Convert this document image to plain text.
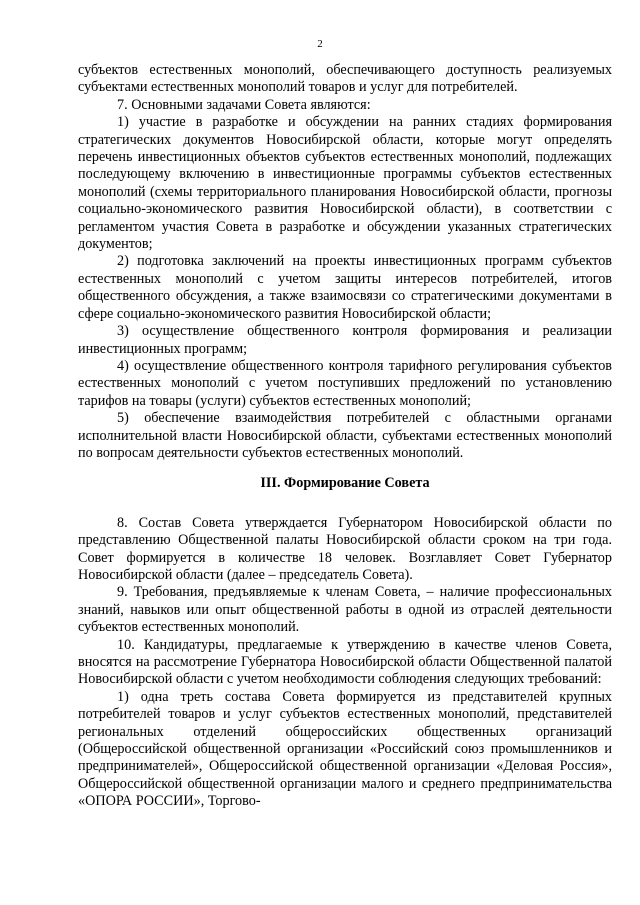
2

субъектов естественных монополий, обеспечивающего доступность реализуемых субъектами естественных монополий товаров и услуг для потребителей.

7. Основными задачами Совета являются:

1) участие в разработке и обсуждении на ранних стадиях формирования стратегических документов Новосибирской области, которые могут определять перечень инвестиционных объектов субъектов естественных монополий, подлежащих последующему включению в инвестиционные программы субъектов естественных монополий (схемы территориального планирования Новосибирской области, прогнозы социально-экономического развития Новосибирской области), в соответствии с регламентом участия Совета в разработке и обсуждении указанных стратегических документов;

2) подготовка заключений на проекты инвестиционных программ субъектов естественных монополий с учетом защиты интересов потребителей, итогов общественного обсуждения, а также взаимосвязи со стратегическими документами в сфере социально-экономического развития Новосибирской области;

3) осуществление общественного контроля формирования и реализации инвестиционных программ;

4) осуществление общественного контроля тарифного регулирования субъектов естественных монополий с учетом поступивших предложений по установлению тарифов на товары (услуги) субъектов естественных монополий;

5) обеспечение взаимодействия потребителей с областными органами исполнительной власти Новосибирской области, субъектами естественных монополий по вопросам деятельности субъектов естественных монополий.

III. Формирование Совета

8. Состав Совета утверждается Губернатором Новосибирской области по представлению Общественной палаты Новосибирской области сроком на три года. Совет формируется в количестве 18 человек. Возглавляет Совет Губернатор Новосибирской области (далее – председатель Совета).

9. Требования, предъявляемые к членам Совета, – наличие профессиональных знаний, навыков или опыт общественной работы в одной из отраслей деятельности субъектов естественных монополий.

10. Кандидатуры, предлагаемые к утверждению в качестве членов Совета, вносятся на рассмотрение Губернатора Новосибирской области Общественной палатой Новосибирской области с учетом необходимости соблюдения следующих требований:

1) одна треть состава Совета формируется из представителей крупных потребителей товаров и услуг субъектов естественных монополий, представителей региональных отделений общероссийских общественных организаций (Общероссийской общественной организации «Российский союз промышленников и предпринимателей», Общероссийской общественной организации «Деловая Россия», Общероссийской общественной организации малого и среднего предпринимательства «ОПОРА РОССИИ», Торгово-
